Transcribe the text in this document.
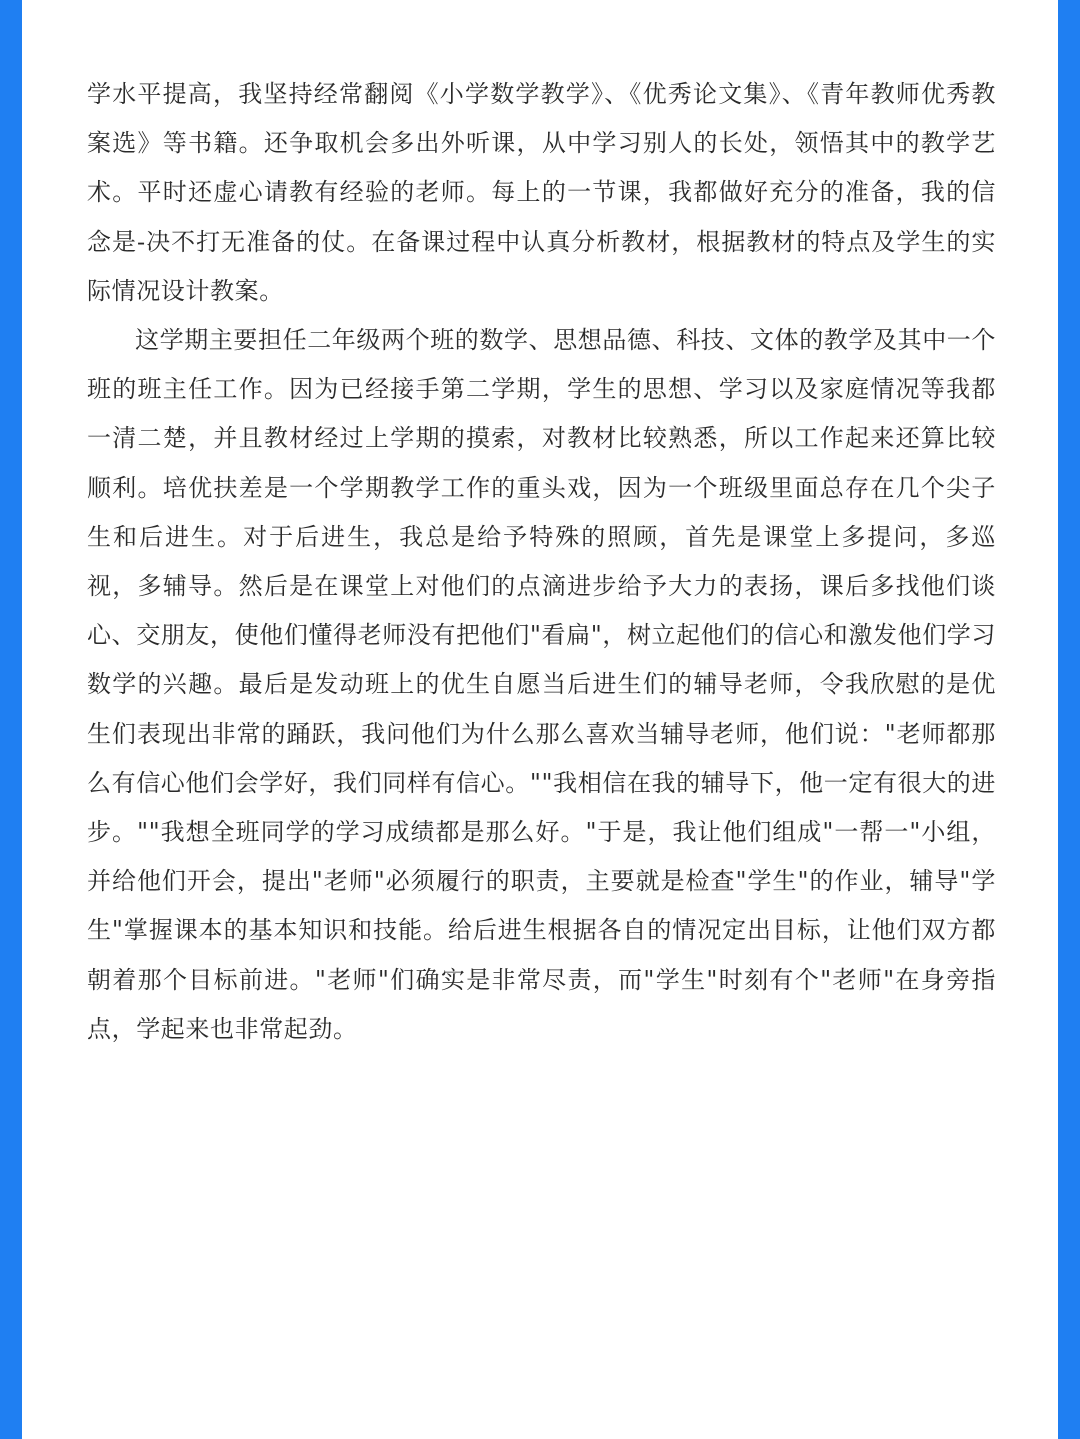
学水平提高，我坚持经常翻阅《小学数学教学》、《优秀论文集》、《青年教师优秀教案选》等书籍。还争取机会多出外听课，从中学习别人的长处，领悟其中的教学艺术。平时还虚心请教有经验的老师。每上的一节课，我都做好充分的准备，我的信念是-决不打无准备的仗。在备课过程中认真分析教材，根据教材的特点及学生的实际情况设计教案。

这学期主要担任二年级两个班的数学、思想品德、科技、文体的教学及其中一个班的班主任工作。因为已经接手第二学期，学生的思想、学习以及家庭情况等我都一清二楚，并且教材经过上学期的摸索，对教材比较熟悉，所以工作起来还算比较顺利。培优扶差是一个学期教学工作的重头戏，因为一个班级里面总存在几个尖子生和后进生。对于后进生，我总是给予特殊的照顾，首先是课堂上多提问，多巡视，多辅导。然后是在课堂上对他们的点滴进步给予大力的表扬，课后多找他们谈心、交朋友，使他们懂得老师没有把他们"看扁"，树立起他们的信心和激发他们学习数学的兴趣。最后是发动班上的优生自愿当后进生们的辅导老师，令我欣慰的是优生们表现出非常的踊跃，我问他们为什么那么喜欢当辅导老师，他们说："老师都那么有信心他们会学好，我们同样有信心。""我相信在我的辅导下，他一定有很大的进步。""我想全班同学的学习成绩都是那么好。"于是，我让他们组成"一帮一"小组，并给他们开会，提出"老师"必须履行的职责，主要就是检查"学生"的作业，辅导"学生"掌握课本的基本知识和技能。给后进生根据各自的情况定出目标，让他们双方都朝着那个目标前进。"老师"们确实是非常尽责，而"学生"时刻有个"老师"在身旁指点，学起来也非常起劲。
